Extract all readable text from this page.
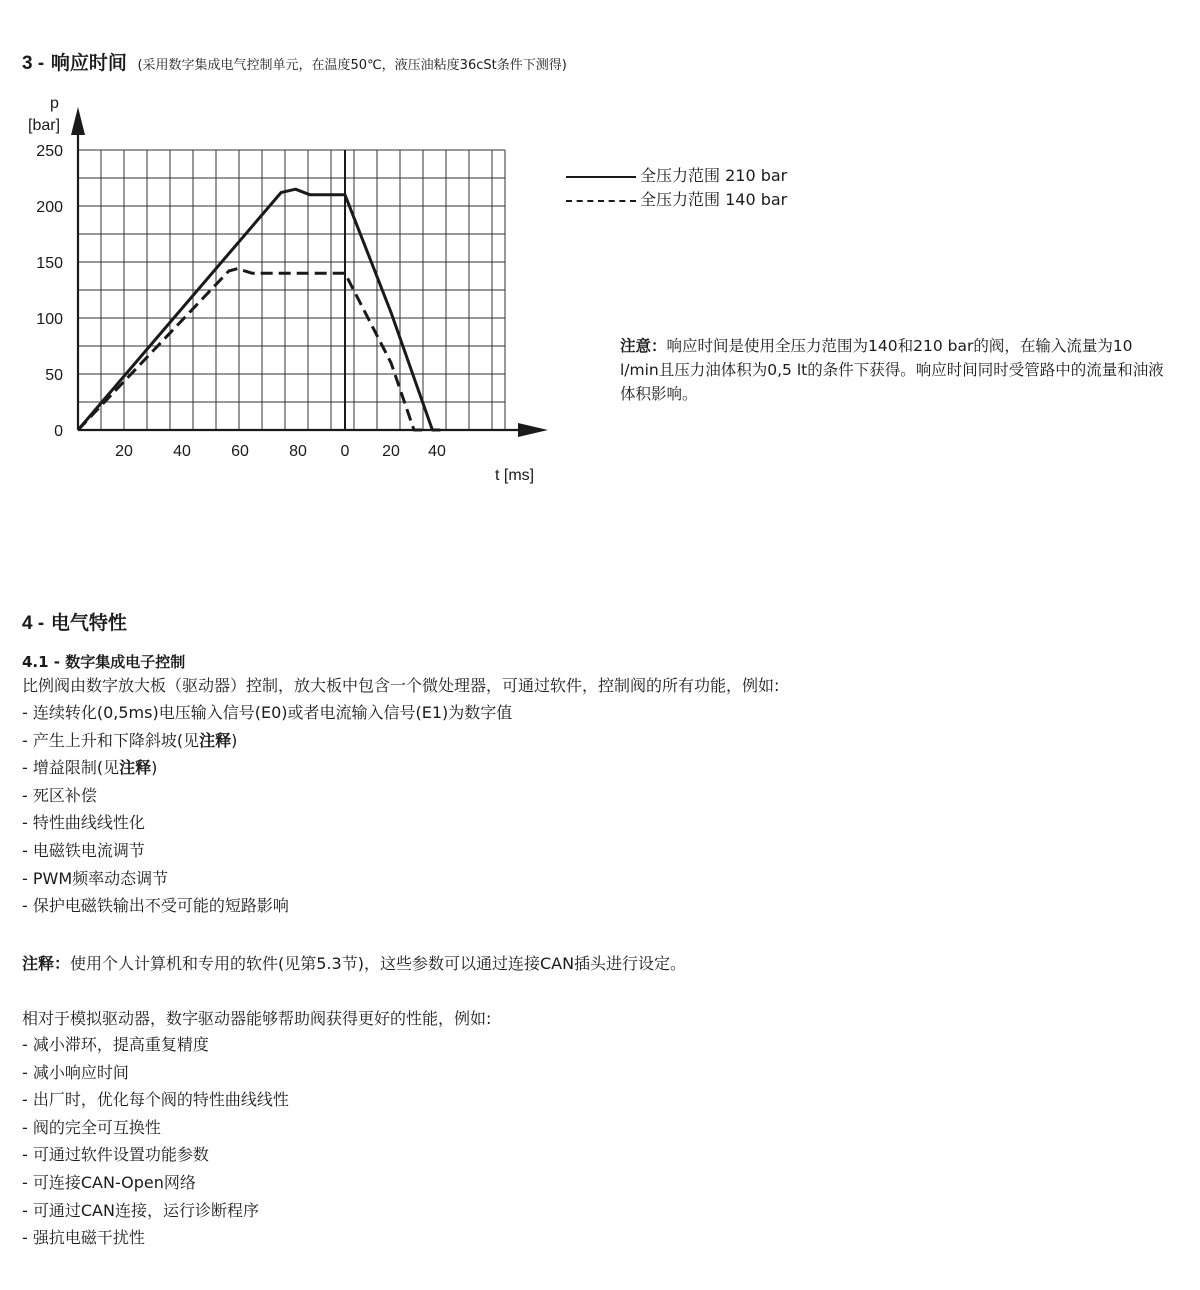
3 - 响应时间 (采用数字集成电气控制单元，在温度50℃，液压油粘度36cSt条件下测得)
250
200
150
100
50
0
20	40	60	80 0 20 40
p
[bar]
t [ms]
全压力范围 210 bar
全压力范围 140 bar
注意：响应时间是使用全压力范围为140和210 bar的阀，在输入流量为10 l/min且压力油体积为0,5 lt的条件下获得。响应时间同时受管路中的流量和油液体积影响。
4 - 电气特性
4.1 - 数字集成电子控制
比例阀由数字放大板（驱动器）控制，放大板中包含一个微处理器，可通过软件，控制阀的所有功能，例如:
- 连续转化(0,5ms)电压输入信号(E0)或者电流输入信号(E1)为数字值
- 产生上升和下降斜坡(见注释)
- 增益限制(见注释)
- 死区补偿
- 特性曲线线性化
- 电磁铁电流调节
- PWM频率动态调节
- 保护电磁铁输出不受可能的短路影响
注释：使用个人计算机和专用的软件(见第5.3节)，这些参数可以通过连接CAN插头进行设定。
相对于模拟驱动器，数字驱动器能够帮助阀获得更好的性能，例如:
- 减小滞环，提高重复精度
- 减小响应时间
- 出厂时，优化每个阀的特性曲线线性
- 阀的完全可互换性
- 可通过软件设置功能参数
- 可连接CAN-Open网络
- 可通过CAN连接，运行诊断程序
- 强抗电磁干扰性
